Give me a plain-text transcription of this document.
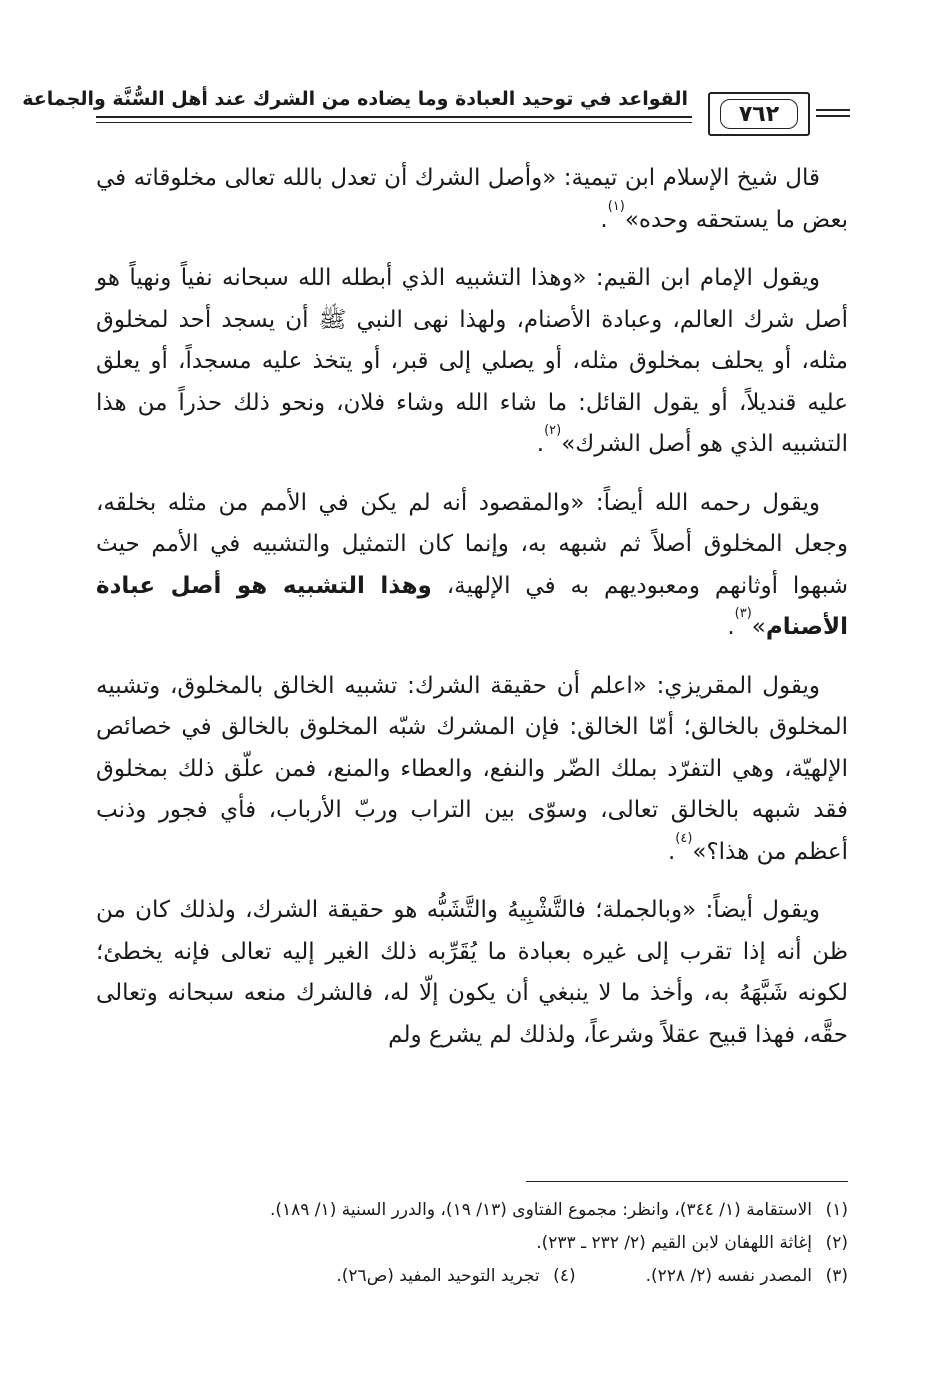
القواعد في توحيد العبادة وما يضاده من الشرك عند أهل السُّنَّة والجماعة
٧٦٢

قال شيخ الإسلام ابن تيمية: «وأصل الشرك أن تعدل بالله تعالى مخلوقاته في بعض ما يستحقه وحده»$^{(١)}$.

ويقول الإمام ابن القيم: «وهذا التشبيه الذي أبطله الله سبحانه نفياً ونهياً هو أصل شرك العالم، وعبادة الأصنام، ولهذا نهى النبي ﷺ أن يسجد أحد لمخلوق مثله، أو يحلف بمخلوق مثله، أو يصلي إلى قبر، أو يتخذ عليه مسجداً، أو يعلق عليه قنديلاً، أو يقول القائل: ما شاء الله وشاء فلان، ونحو ذلك حذراً من هذا التشبيه الذي هو أصل الشرك»$^{(٢)}$.

ويقول رحمه الله أيضاً: «والمقصود أنه لم يكن في الأمم من مثله بخلقه، وجعل المخلوق أصلاً ثم شبهه به، وإنما كان التمثيل والتشبيه في الأمم حيث شبهوا أوثانهم ومعبوديهم به في الإلهية، وهذا التشبيه هو أصل عبادة الأصنام»$^{(٣)}$.

ويقول المقريزي: «اعلم أن حقيقة الشرك: تشبيه الخالق بالمخلوق، وتشبيه المخلوق بالخالق؛ أمّا الخالق: فإن المشرك شبّه المخلوق بالخالق في خصائص الإلهيّة، وهي التفرّد بملك الضّر والنفع، والعطاء والمنع، فمن علّق ذلك بمخلوق فقد شبهه بالخالق تعالى، وسوّى بين التراب وربّ الأرباب، فأي فجور وذنب أعظم من هذا؟»$^{(٤)}$.

ويقول أيضاً: «وبالجملة؛ فالتَّشْبِيهُ والتَّشَبُّه هو حقيقة الشرك، ولذلك كان من ظن أنه إذا تقرب إلى غيره بعبادة ما يُقَرِّبه ذلك الغير إليه تعالى فإنه يخطئ؛ لكونه شَبَّهَهُ به، وأخذ ما لا ينبغي أن يكون إلّا له، فالشرك منعه سبحانه وتعالى حقَّه، فهذا قبيح عقلاً وشرعاً، ولذلك لم يشرع ولم

(١)الاستقامة (١/ ٣٤٤)، وانظر: مجموع الفتاوى (١٣/ ١٩)، والدرر السنية (١/ ١٨٩).
(٢)إغاثة اللهفان لابن القيم (٢/ ٢٣٢ ـ ٢٣٣).
(٣)المصدر نفسه (٢/ ٢٢٨).(٤)تجريد التوحيد المفيد (ص٢٦).
